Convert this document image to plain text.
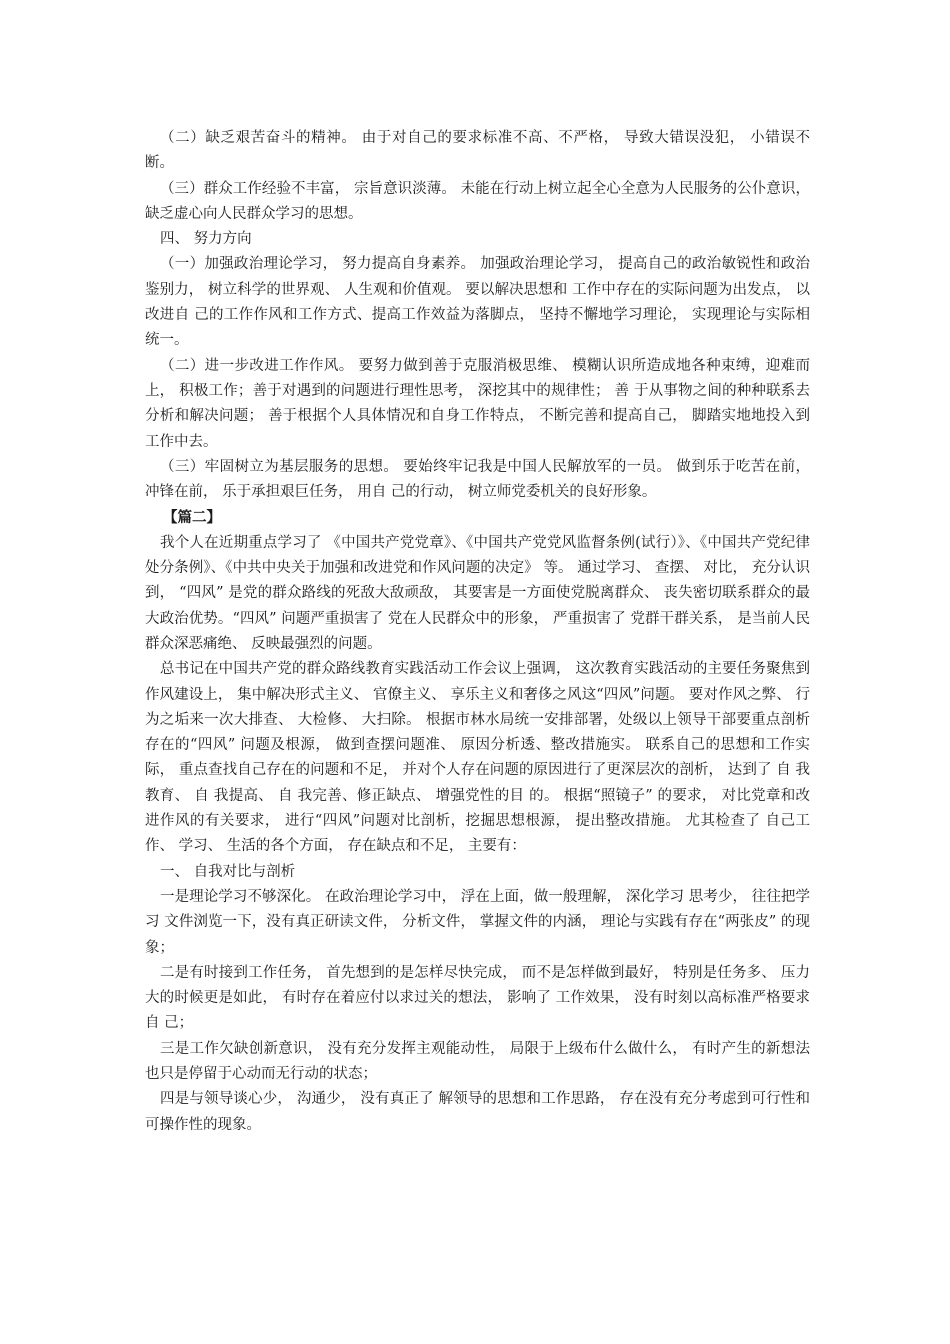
（二）缺乏艰苦奋斗的精神。 由于对自己的要求标准不高、不严格， 导致大错误没犯， 小错误不断。

（三）群众工作经验不丰富， 宗旨意识淡薄。 未能在行动上树立起全心全意为人民服务的公仆意识， 缺乏虚心向人民群众学习的思想。

四、 努力方向

（一）加强政治理论学习， 努力提高自身素养。 加强政治理论学习， 提高自己的政治敏锐性和政治鉴别力， 树立科学的世界观、 人生观和价值观。 要以解决思想和 工作中存在的实际问题为出发点， 以改进自 己的工作作风和工作方式、提高工作效益为落脚点， 坚持不懈地学习理论， 实现理论与实际相统一。

（二）进一步改进工作作风。 要努力做到善于克服消极思维、 模糊认识所造成地各种束缚，迎难而上， 积极工作；善于对遇到的问题进行理性思考， 深挖其中的规律性； 善 于从事物之间的种种联系去分析和解决问题； 善于根据个人具体情况和自身工作特点， 不断完善和提高自己， 脚踏实地地投入到工作中去。

（三）牢固树立为基层服务的思想。 要始终牢记我是中国人民解放军的一员。 做到乐于吃苦在前， 冲锋在前， 乐于承担艰巨任务， 用自 己的行动， 树立师党委机关的良好形象。

【篇二】

我个人在近期重点学习了 《中国共产党党章》、《中国共产党党风监督条例(试行）》、《中国共产党纪律处分条例》、《中共中央关于加强和改进党和作风问题的决定》 等。 通过学习、 查摆、 对比， 充分认识到， “四风” 是党的群众路线的死敌大敌顽敌， 其要害是一方面使党脱离群众、 丧失密切联系群众的最大政治优势。“四风” 问题严重损害了 党在人民群众中的形象， 严重损害了 党群干群关系， 是当前人民群众深恶痛绝、 反映最强烈的问题。

总书记在中国共产党的群众路线教育实践活动工作会议上强调， 这次教育实践活动的主要任务聚焦到作风建设上， 集中解决形式主义、 官僚主义、 享乐主义和奢侈之风这“四风”问题。 要对作风之弊、 行为之垢来一次大排查、 大检修、 大扫除。 根据市林水局统一安排部署，处级以上领导干部要重点剖析存在的“四风” 问题及根源， 做到查摆问题准、 原因分析透、整改措施实。 联系自己的思想和工作实际， 重点查找自己存在的问题和不足， 并对个人存在问题的原因进行了更深层次的剖析， 达到了 自 我教育、 自 我提高、 自 我完善、修正缺点、 增强党性的目 的。 根据“照镜子” 的要求， 对比党章和改进作风的有关要求， 进行“四风”问题对比剖析，挖掘思想根源， 提出整改措施。 尤其检查了 自己工作、 学习、 生活的各个方面， 存在缺点和不足， 主要有：

一、 自我对比与剖析

一是理论学习不够深化。 在政治理论学习中， 浮在上面，做一般理解， 深化学习 思考少， 往往把学习 文件浏览一下，没有真正研读文件， 分析文件， 掌握文件的内涵， 理论与实践有存在“两张皮” 的现象；

二是有时接到工作任务， 首先想到的是怎样尽快完成， 而不是怎样做到最好， 特别是任务多、 压力大的时候更是如此， 有时存在着应付以求过关的想法， 影响了 工作效果， 没有时刻以高标准严格要求自 己；

三是工作欠缺创新意识， 没有充分发挥主观能动性， 局限于上级布什么做什么， 有时产生的新想法也只是停留于心动而无行动的状态；

四是与领导谈心少， 沟通少， 没有真正了 解领导的思想和工作思路， 存在没有充分考虑到可行性和可操作性的现象。
